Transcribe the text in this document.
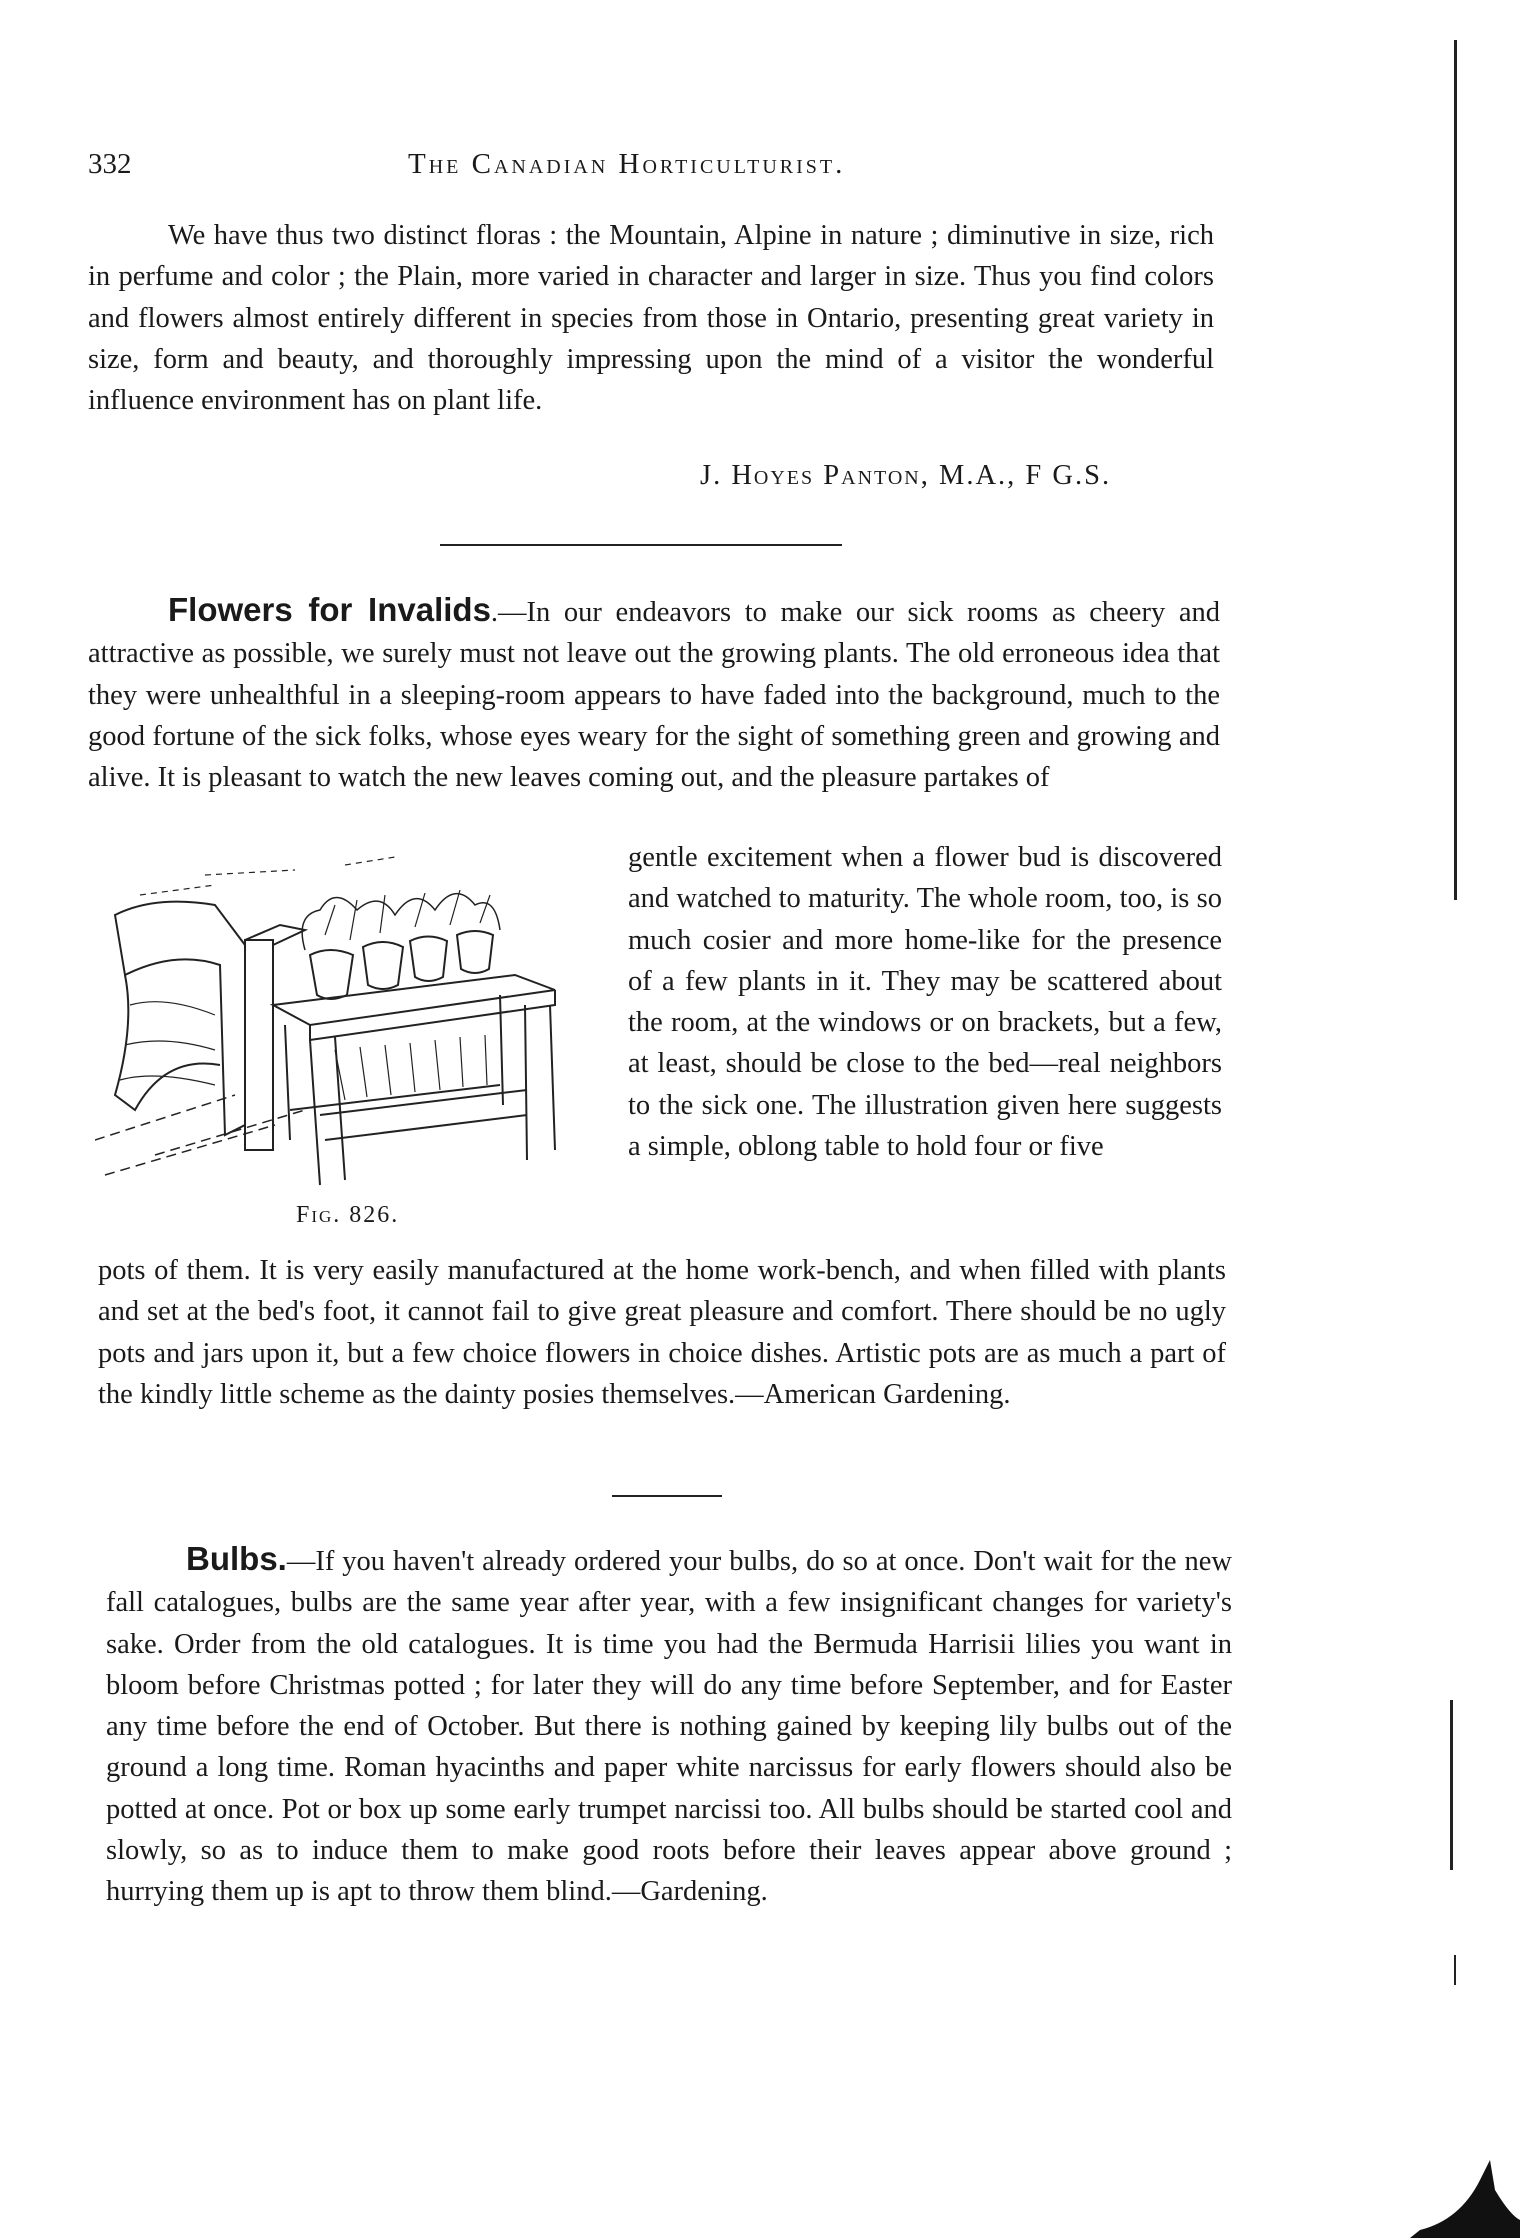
332	The Canadian Horticulturist.

We have thus two distinct floras : the Mountain, Alpine in nature ; diminutive in size, rich in perfume and color ; the Plain, more varied in character and larger in size. Thus you find colors and flowers almost entirely different in species from those in Ontario, presenting great variety in size, form and beauty, and thoroughly impressing upon the mind of a visitor the wonderful influence environment has on plant life.

J. Hoyes Panton, M.A., F G.S.

Flowers for Invalids.—In our endeavors to make our sick rooms as cheery and attractive as possible, we surely must not leave out the growing plants. The old erroneous idea that they were unhealthful in a sleeping-room appears to have faded into the background, much to the good fortune of the sick folks, whose eyes weary for the sight of something green and growing and alive. It is pleasant to watch the new leaves coming out, and the pleasure partakes of

Fig. 826.

gentle excitement when a flower bud is discovered and watched to maturity. The whole room, too, is so much cosier and more home-like for the presence of a few plants in it. They may be scattered about the room, at the windows or on brackets, but a few, at least, should be close to the bed—real neighbors to the sick one. The illustration given here suggests a simple, oblong table to hold four or five

pots of them. It is very easily manufactured at the home work-bench, and when filled with plants and set at the bed's foot, it cannot fail to give great pleasure and comfort. There should be no ugly pots and jars upon it, but a few choice flowers in choice dishes. Artistic pots are as much a part of the kindly little scheme as the dainty posies themselves.—American Gardening.

Bulbs.—If you haven't already ordered your bulbs, do so at once. Don't wait for the new fall catalogues, bulbs are the same year after year, with a few insignificant changes for variety's sake. Order from the old catalogues. It is time you had the Bermuda Harrisii lilies you want in bloom before Christmas potted ; for later they will do any time before September, and for Easter any time before the end of October. But there is nothing gained by keeping lily bulbs out of the ground a long time. Roman hyacinths and paper white narcissus for early flowers should also be potted at once. Pot or box up some early trumpet narcissi too. All bulbs should be started cool and slowly, so as to induce them to make good roots before their leaves appear above ground ; hurrying them up is apt to throw them blind.—Gardening.
